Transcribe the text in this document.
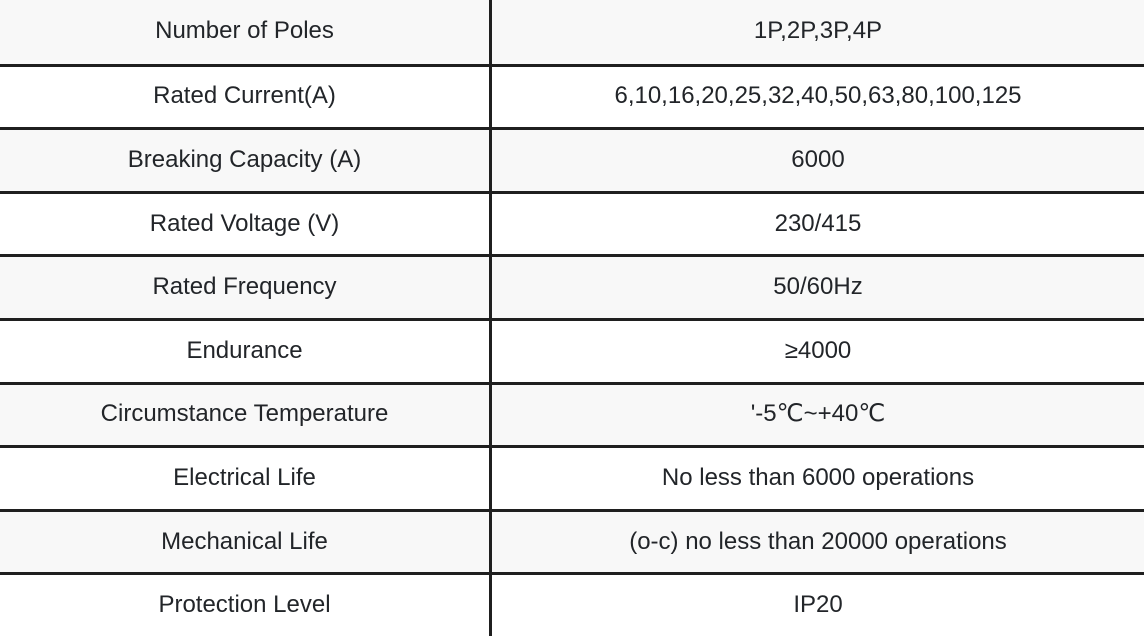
Number of Poles	1P,2P,3P,4P
Rated Current(A)	6,10,16,20,25,32,40,50,63,80,100,125
Breaking Capacity (A)	6000
Rated Voltage (V)	230/415
Rated Frequency	50/60Hz
Endurance	≥4000
Circumstance Temperature	'-5℃~+40℃
Electrical Life	No less than 6000 operations
Mechanical Life	(o-c) no less than 20000 operations
Protection Level	IP20
